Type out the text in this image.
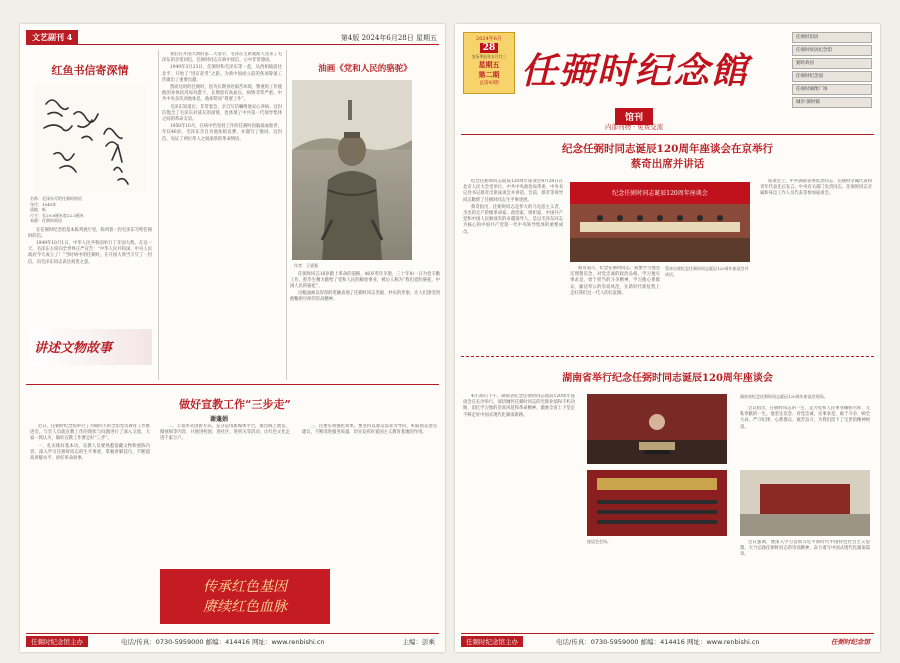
文艺副刊 4	第4版 2024年6月28日 星期五
红鱼书信寄深情
名称：毛泽东写给任弼时的信
年代：1949年
质地：纸
尺寸：长29.8厘米宽22.3厘米
来源：任弼时故居

在任弼时纪念馆基本陈列展厅里，陈列着一封毛泽东写给任弼时的信。

1949年10月1日，中华人民共和国举行了开国大典。在这一天，毛泽东主席向全世界庄严宣告：“中华人民共和国、中央人民政府今天成立了！”当时病中的任弼时，在开国大典当天写了一封信，向毛泽东同志表达祝贺之意。

我们在开国大典的第二天清早，毛泽东主席就派人送来了毛泽东的亲笔回信，任弼时同志在病中读信，心中非常感动。

1949年3月23日，任弼时和毛泽东等一起，从西柏坡前往北平，开始了“进京赶考”之旅。为新中国成立前的各项筹备工作做出了重要贡献。

然而这时的任弼时，因为长期身处艰苦环境，繁重的工作使他的身体状况每况愈下，长期患有高血压，病情非常严重。中共中央多次劝他休息，他却常说“我要工作”。

毛泽东知道后，非常着急，亲自写信嘱咐他安心养病。这封信饱含了毛泽东对战友的深情，也体现了中共第一代领导集体之间的革命友谊。

1950年10月，在病中仍坚持工作的任弼时因脑溢血逝世，年仅46岁。毛泽东亲自为他扶棺送葬，并题写了挽词。这封信，见证了两位伟人之间深厚的革命情谊。

油画《党和人民的骆驼》
作者：王梁强

任弼时同志16岁踏上革命的道路，46岁英年早逝，三十年如一日为党辛勤工作，把毕生精力献给了党和人民的解放事业，被后人称为“我们党的骆驼，中国人民的骆驼”。

这幅油画以浑厚的笔触表现了任弼时同志坚毅、朴实的形象，让人们感受到他鞠躬尽瘁的崇高精神。

讲述文物故事
做好宣教工作“三步走”
谢蓬娟

近日，任弼时纪念馆举行了为期四天的全馆党员教育工作推进会。与会人员就宣教工作的现状与问题进行了深入交流，大家一致认为，做好宣教工作要走好“三步”。

一、扎实练好基本功。宣教人员要熟悉馆藏文物和展陈内容，深入学习任弼时同志的生平事迹，掌握讲解技巧，不断提高讲解水平，讲好革命故事。

二、丰富形式创新方式。充分运用新媒体平台，推出线上展览、微视频等内容，开展进校园、进社区、进机关等活动，让红色文化走进千家万户。

三、注重实效强化效果。要坚持以观众需求为导向，听取观众意见建议，不断改进服务质量，切实发挥好爱国主义教育基地的作用。

传承红色基因
赓续红色血脉
任弼时纪念馆主办	电话/传真：0730-5959000 邮编：414416 网址：www.renbishi.cn	主编：彭乘
2024年6月
28
农历甲辰年五月廿三
星期五
第二期
总第43期 任弼时纪念館
馆刊
内部刊物 · 免费交流
任弼时旧居
任弼时故居纪念馆
弼时故居
任弼时纪念园
任弼时铜像广场
城市·弼时镇
纪念任弼时同志诞辰120周年座谈会在京举行
蔡奇出席并讲话

纪念任弼时同志诞辰120周年座谈会4月28日在北京人民大会堂举行。中共中央政治局常委、中央书记处书记蔡奇出席座谈会并讲话。会前，蔡奇等领导同志瞻仰了任弼时同志生平事迹展。

蔡奇指出，任弼时同志是伟大的马克思主义者、杰出的无产阶级革命家、政治家、组织家，中国共产党和中国人民解放军的卓越领导人，是以毛泽东同志为核心的中国共产党第一代中央领导集体的重要成员。

纪念任弼时同志诞辰120周年座谈会

蔡奇表示，纪念任弼时同志，就要学习他坚定理想信念、对党忠诚的政治品格，学习他实事求是、勇于担当的斗争精神，学习他心系群众、廉洁奉公的崇高风范，在新时代新征程上走好我们这一代人的长征路。

蔡奇出席纪念任弼时同志诞辰120周年座谈会并讲话。

座谈会上，中共湖南省委负责同志、任弼时亲属代表和青年代表先后发言。中央有关部门负责同志，任弼时同志亲属和身边工作人员代表等参加座谈会。

湖南省举行纪念任弼时同志诞辰120周年座谈会

4月30日下午，湖南省纪念任弼时同志诞辰120周年座谈会在长沙举行，深切缅怀任弼时同志的光辉业绩和不朽功勋，追忆学习他的崇高风范和革命精神，激励全省上下坚定不移走好中国式现代化湖南新路。

座谈会会场。
湖南省纪念任弼时同志诞辰120周年座谈会现场。

会议指出，任弼时同志的一生，是为党和人民事业鞠躬尽瘁、无私奉献的一生。他坚定信念、对党忠诚，实事求是、敢于斗争，顾全大局、严守纪律，心系群众、艰苦奋斗，为我们留下了宝贵的精神财富。

会议强调，要深入学习贯彻习近平新时代中国特色社会主义思想，大力弘扬任弼时同志的崇高精神，奋力谱写中国式现代化湖南篇章。

任弼时纪念馆主办	电话/传真：0730-5959000 邮编：414416 网址：www.renbishi.cn	任弼时纪念馆
